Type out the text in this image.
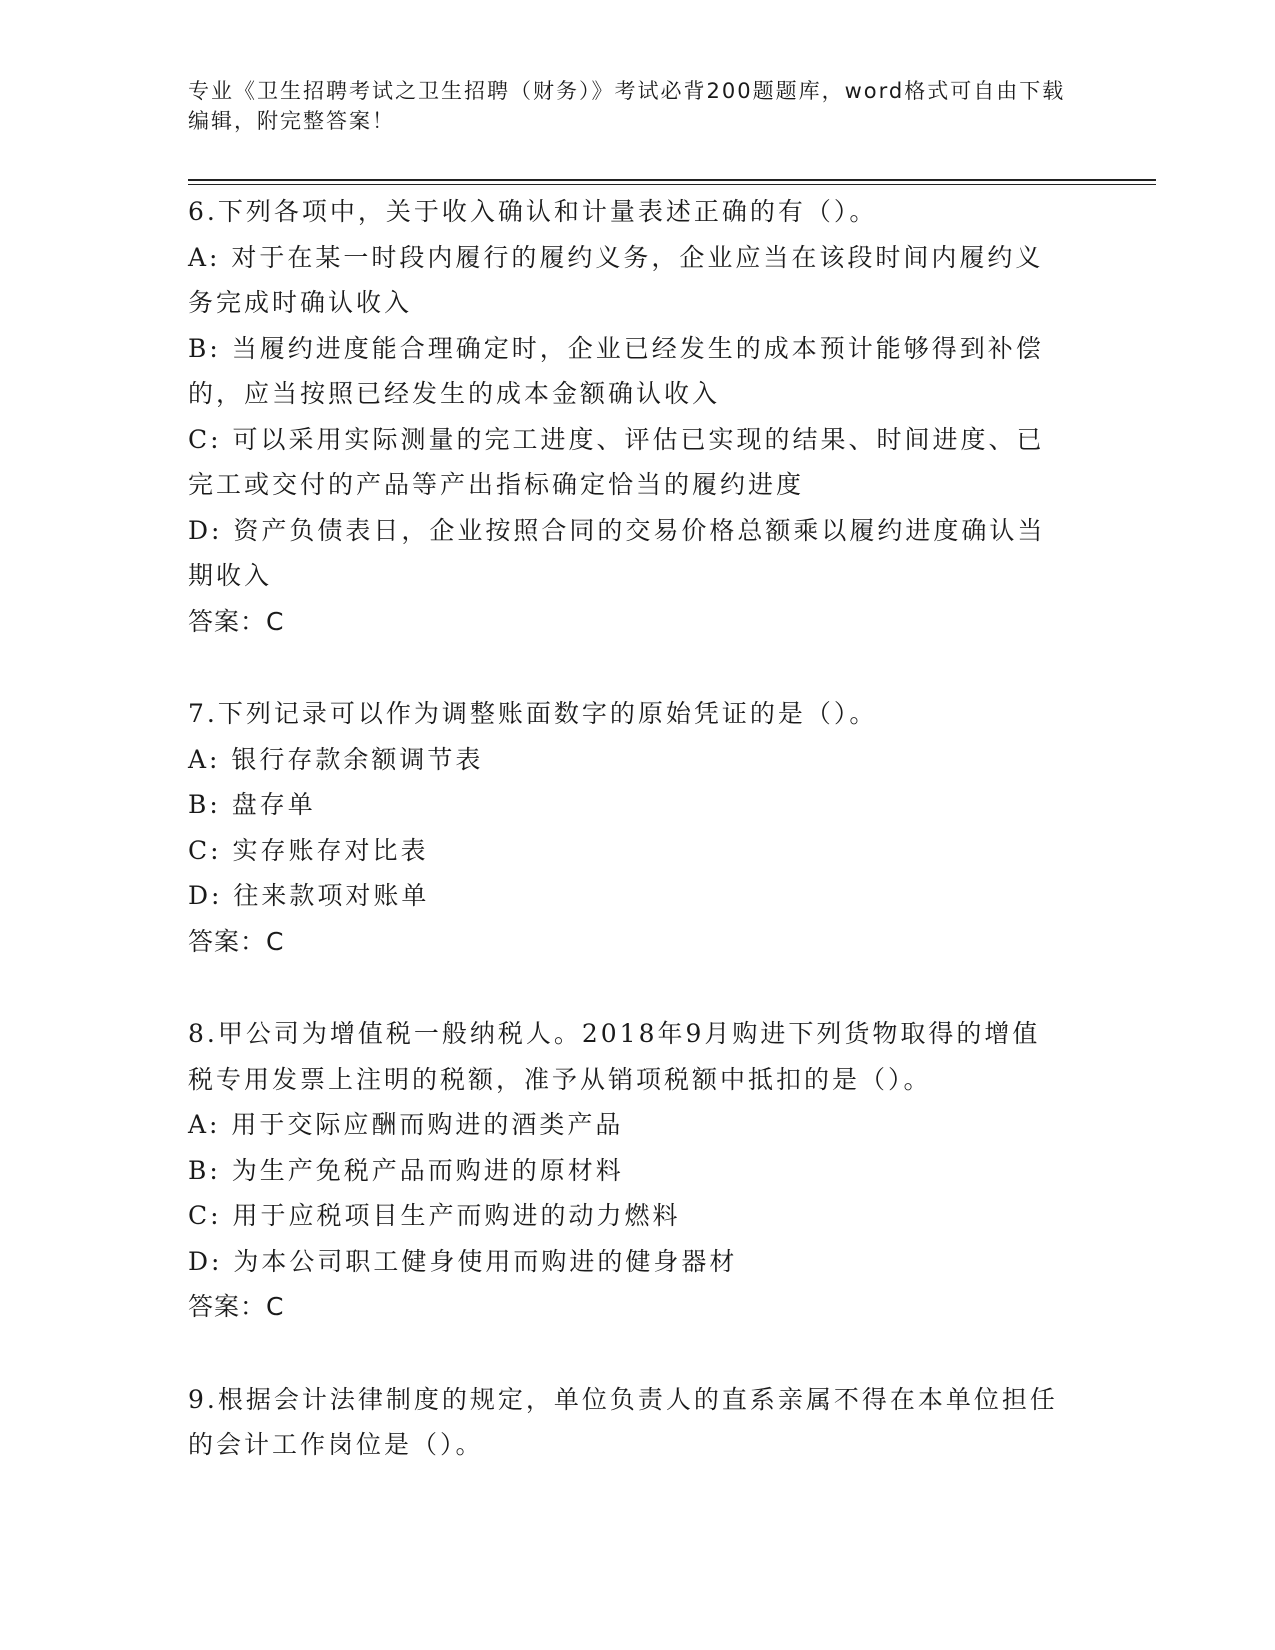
专业《卫生招聘考试之卫生招聘（财务）》考试必背200题题库，word格式可自由下载编辑，附完整答案！

6.下列各项中，关于收入确认和计量表述正确的有（）。

A: 对于在某一时段内履行的履约义务，企业应当在该段时间内履约义务完成时确认收入

B: 当履约进度能合理确定时，企业已经发生的成本预计能够得到补偿的，应当按照已经发生的成本金额确认收入

C: 可以采用实际测量的完工进度、评估已实现的结果、时间进度、已完工或交付的产品等产出指标确定恰当的履约进度

D: 资产负债表日，企业按照合同的交易价格总额乘以履约进度确认当期收入

答案：C

7.下列记录可以作为调整账面数字的原始凭证的是（）。

A: 银行存款余额调节表

B: 盘存单

C: 实存账存对比表

D: 往来款项对账单

答案：C

8.甲公司为增值税一般纳税人。2018年9月购进下列货物取得的增值税专用发票上注明的税额，准予从销项税额中抵扣的是（）。

A: 用于交际应酬而购进的酒类产品

B: 为生产免税产品而购进的原材料

C: 用于应税项目生产而购进的动力燃料

D: 为本公司职工健身使用而购进的健身器材

答案：C

9.根据会计法律制度的规定，单位负责人的直系亲属不得在本单位担任的会计工作岗位是（）。
